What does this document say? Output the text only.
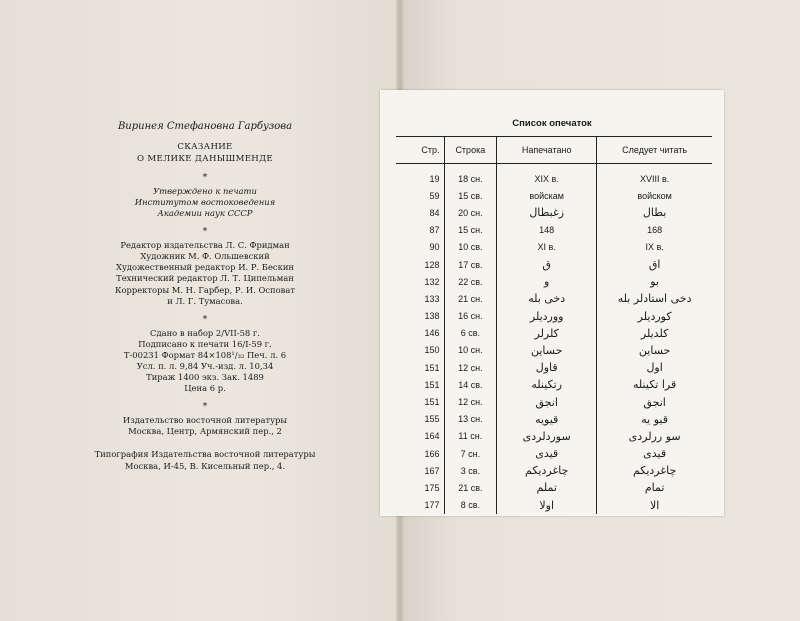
Виринея Стефановна Гарбузова

СКАЗАНИЕ

О МЕЛИКЕ ДАНЫШМЕНДЕ

*

Утверждено к печати

Институтом востоковедения

Академии наук СССР

*

Редактор издательства Л. С. Фридман

Художник М. Ф. Ольшевский

Художественный редактор И. Р. Бескин

Технический редактор Л. Т. Ципельман

Корректоры М. Н. Гарбер, Р. И. Осповат

и Л. Г. Тумасова.

*

Сдано в набор 2/VII-58 г.

Подписано к печати 16/I-59 г.

Т-00231 Формат 84×108¹/₃₂ Печ. л. 6

Усл. п. л. 9,84 Уч.-изд. л. 10,34

Тираж 1400 экз. Зак. 1489

Цена 6 р.

*

Издательство восточной литературы

Москва, Центр, Армянский пер., 2

Типография Издательства восточной литературы

Москва, И-45, В. Кисельный пер., 4.

Список опечаток
Стр.	Строка	Напечатано	Следует читать
19	18 сн.	XIX в.	XVIII в.
59	15 св.	войскам	войском
84	20 сн.	زغبطال	بطال
87	15 сн.	148	168
90	10 св.	XI в.	IX в.
128	17 св.	ق	اق
132	22 св.	و	بو
133	21 сн.	دخی بله	دخی استادلر بله
138	16 сн.	ووردیلر	کوردیلر
146	6 св.	کلرلر	کلدیلر
150	10 сн.	حساین	حساین
151	12 сн.	قاول	اول
151	14 св.	رتکینله	قرا تکینله
151	12 сн.	انجق	انجق
155	13 сн.	قیویه	قیو یه
164	11 сн.	سوردلردی	سو ررلردی
166	7 сн.	قیدی	قیدی
167	3 св.	چاغردیکم	چاغردیکم
175	21 св.	تملم	تمام
177	8 св.	اولا	الا
